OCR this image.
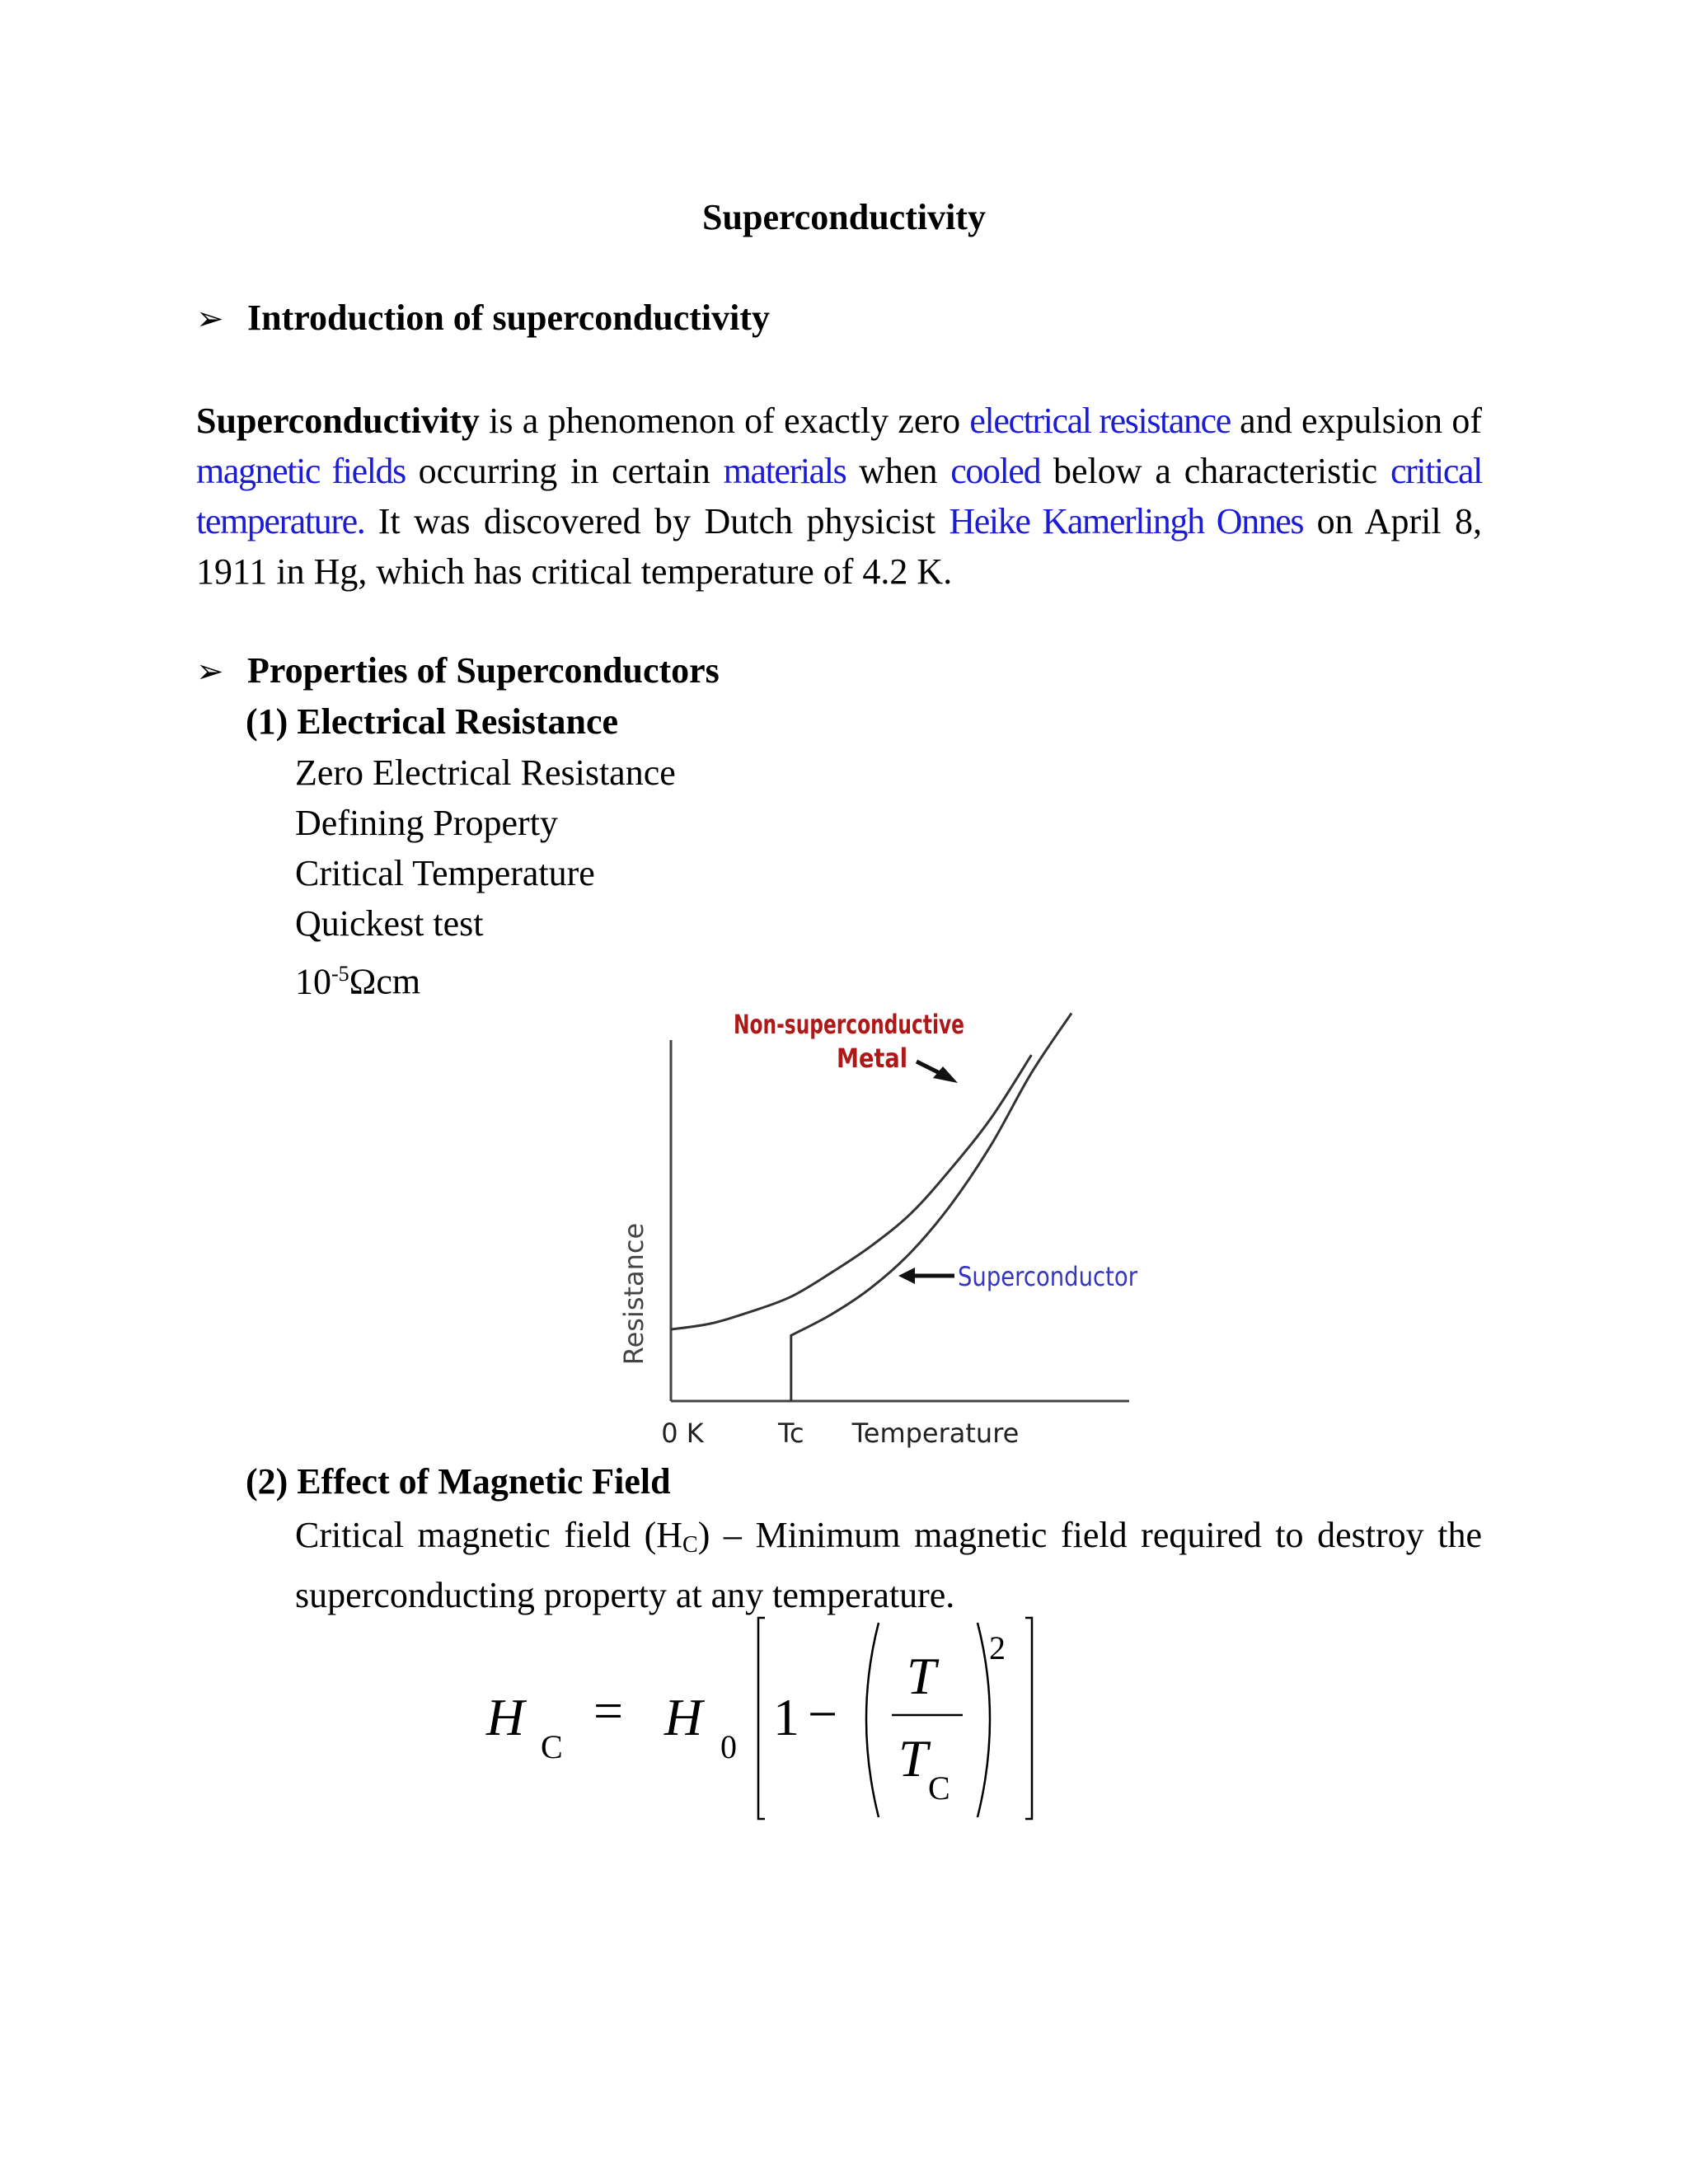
Superconductivity
➢ Introduction of superconductivity
Superconductivity is a phenomenon of exactly zero electrical resistance and expulsion of magnetic fields occurring in certain materials when cooled below a characteristic critical temperature. It was discovered by Dutch physicist Heike Kamerlingh Onnes on April 8, 1911 in Hg, which has critical temperature of 4.2 K.
➢ Properties of Superconductors
(1) Electrical Resistance
Zero Electrical Resistance
Defining Property
Critical Temperature
Quickest test
$10^{-5}\Omega cm$
Resistance
0 K	Tc Temperature
Non-superconductive
Metal
Superconductor
(2) Effect of Magnetic Field
Critical magnetic field $(H_C)$ – Minimum magnetic field required to destroy the superconducting property at any temperature.
H
C
= H
0
1 −
T
T
C
2
